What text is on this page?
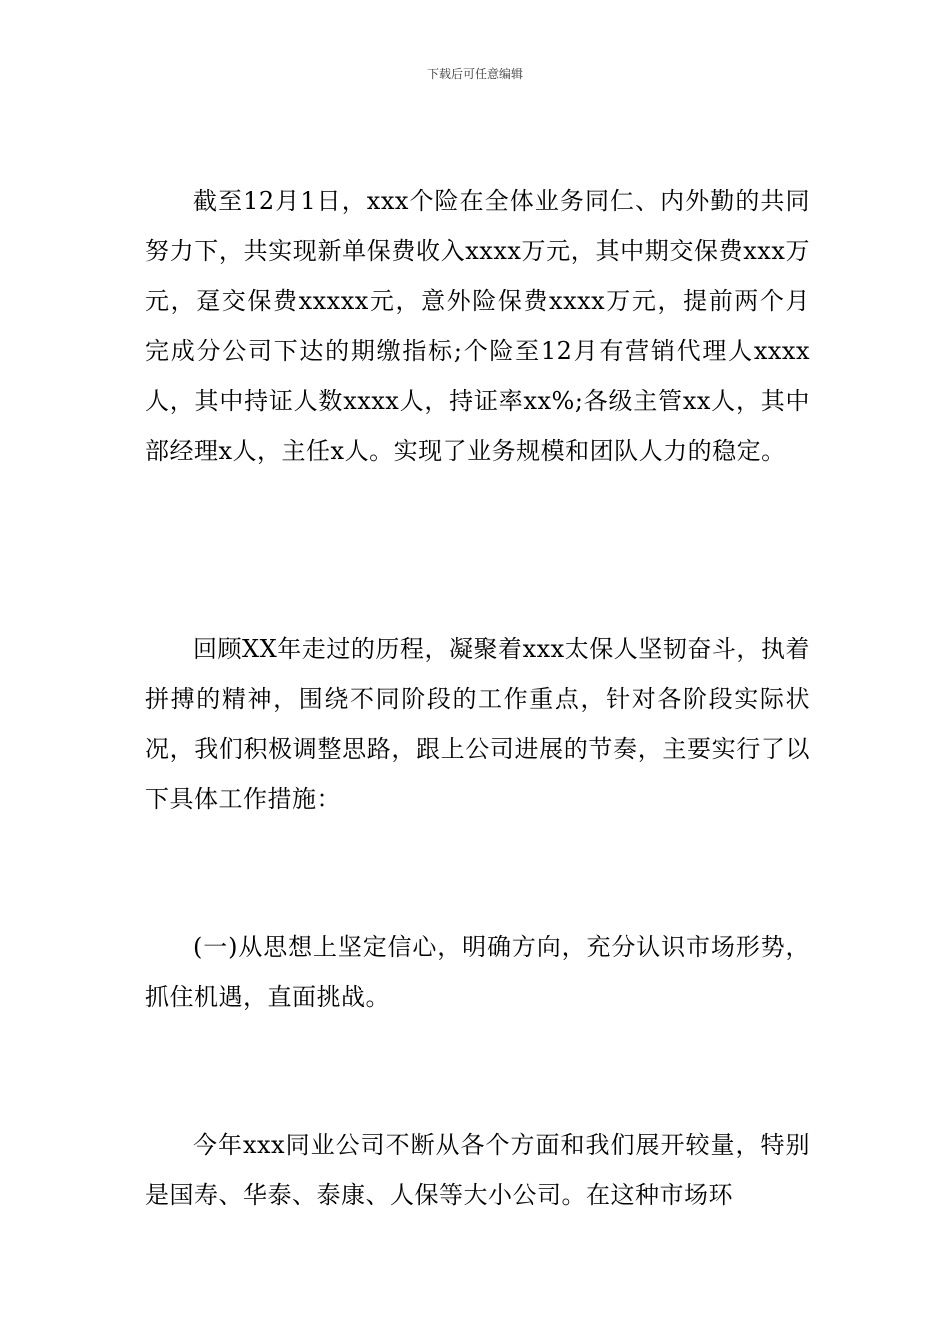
下载后可任意编辑

截至12月1日，xxx个险在全体业务同仁、内外勤的共同努力下，共实现新单保费收入xxxx万元，其中期交保费xxx万元，趸交保费xxxxx元，意外险保费xxxx万元，提前两个月完成分公司下达的期缴指标;个险至12月有营销代理人xxxx人，其中持证人数xxxx人，持证率xx%;各级主管xx人，其中部经理x人，主任x人。实现了业务规模和团队人力的稳定。

回顾XX年走过的历程，凝聚着xxx太保人坚韧奋斗，执着拼搏的精神，围绕不同阶段的工作重点，针对各阶段实际状况，我们积极调整思路，跟上公司进展的节奏，主要实行了以下具体工作措施：

(一)从思想上坚定信心，明确方向，充分认识市场形势，抓住机遇，直面挑战。

今年xxx同业公司不断从各个方面和我们展开较量，特别是国寿、华泰、泰康、人保等大小公司。在这种市场环
